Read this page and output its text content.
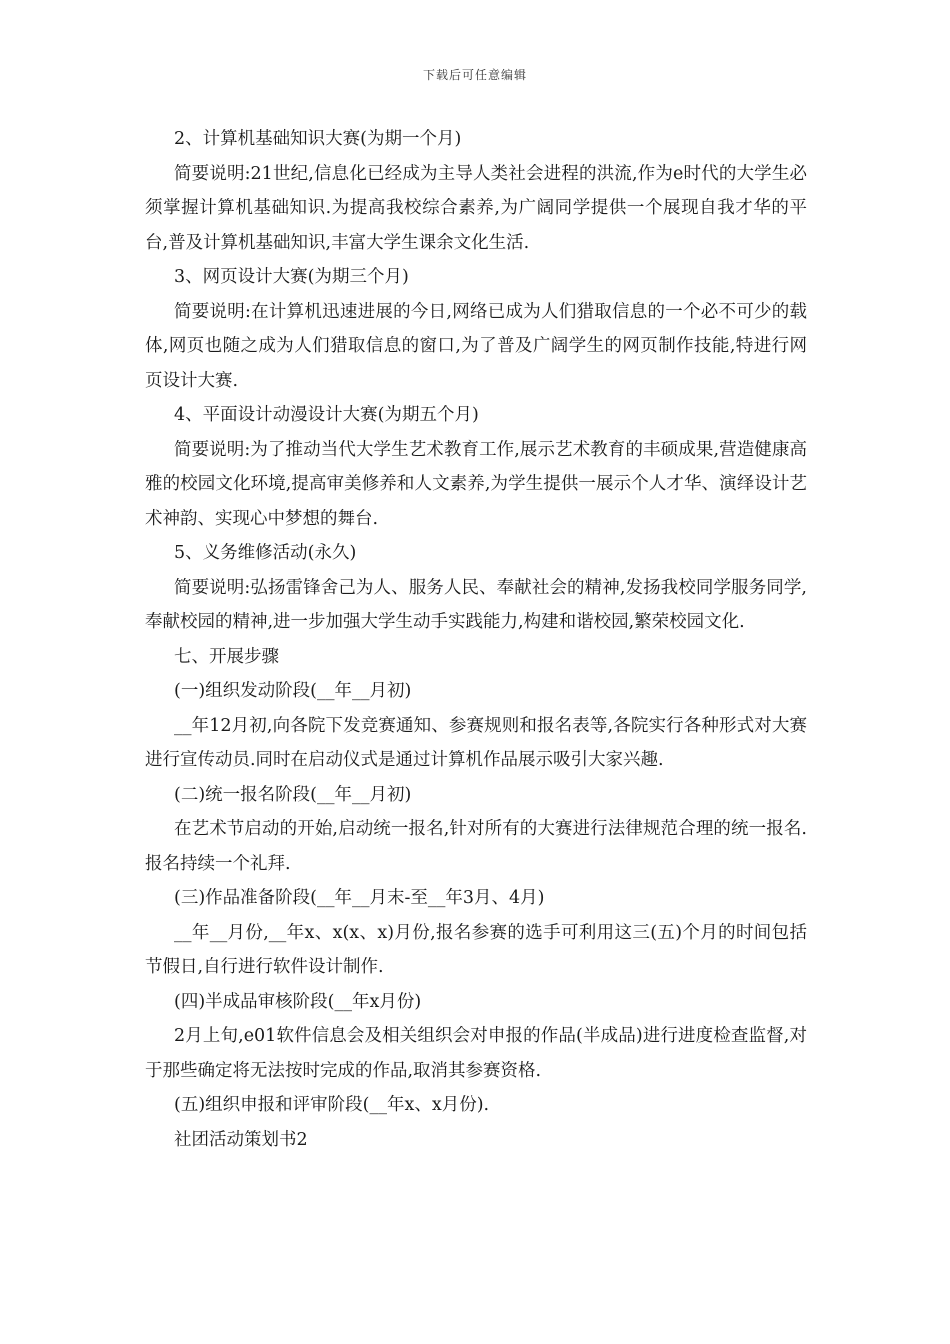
下载后可任意编辑

2、计算机基础知识大赛(为期一个月)

简要说明:21世纪,信息化已经成为主导人类社会进程的洪流,作为e时代的大学生必须掌握计算机基础知识.为提高我校综合素养,为广阔同学提供一个展现自我才华的平台,普及计算机基础知识,丰富大学生课余文化生活.

3、网页设计大赛(为期三个月)

简要说明:在计算机迅速进展的今日,网络已成为人们猎取信息的一个必不可少的载体,网页也随之成为人们猎取信息的窗口,为了普及广阔学生的网页制作技能,特进行网页设计大赛.

4、平面设计动漫设计大赛(为期五个月)

简要说明:为了推动当代大学生艺术教育工作,展示艺术教育的丰硕成果,营造健康高雅的校园文化环境,提高审美修养和人文素养,为学生提供一展示个人才华、演绎设计艺术神韵、实现心中梦想的舞台.

5、义务维修活动(永久)

简要说明:弘扬雷锋舍己为人、服务人民、奉献社会的精神,发扬我校同学服务同学,奉献校园的精神,进一步加强大学生动手实践能力,构建和谐校园,繁荣校园文化.

七、开展步骤

(一)组织发动阶段(__年__月初)

__年12月初,向各院下发竞赛通知、参赛规则和报名表等,各院实行各种形式对大赛进行宣传动员.同时在启动仪式是通过计算机作品展示吸引大家兴趣.

(二)统一报名阶段(__年__月初)

在艺术节启动的开始,启动统一报名,针对所有的大赛进行法律规范合理的统一报名.报名持续一个礼拜.

(三)作品准备阶段(__年__月末-至__年3月、4月)

__年__月份,__年x、x(x、x)月份,报名参赛的选手可利用这三(五)个月的时间包括节假日,自行进行软件设计制作.

(四)半成品审核阶段(__年x月份)

2月上旬,e01软件信息会及相关组织会对申报的作品(半成品)进行进度检查监督,对于那些确定将无法按时完成的作品,取消其参赛资格.

(五)组织申报和评审阶段(__年x、x月份).

社团活动策划书2
